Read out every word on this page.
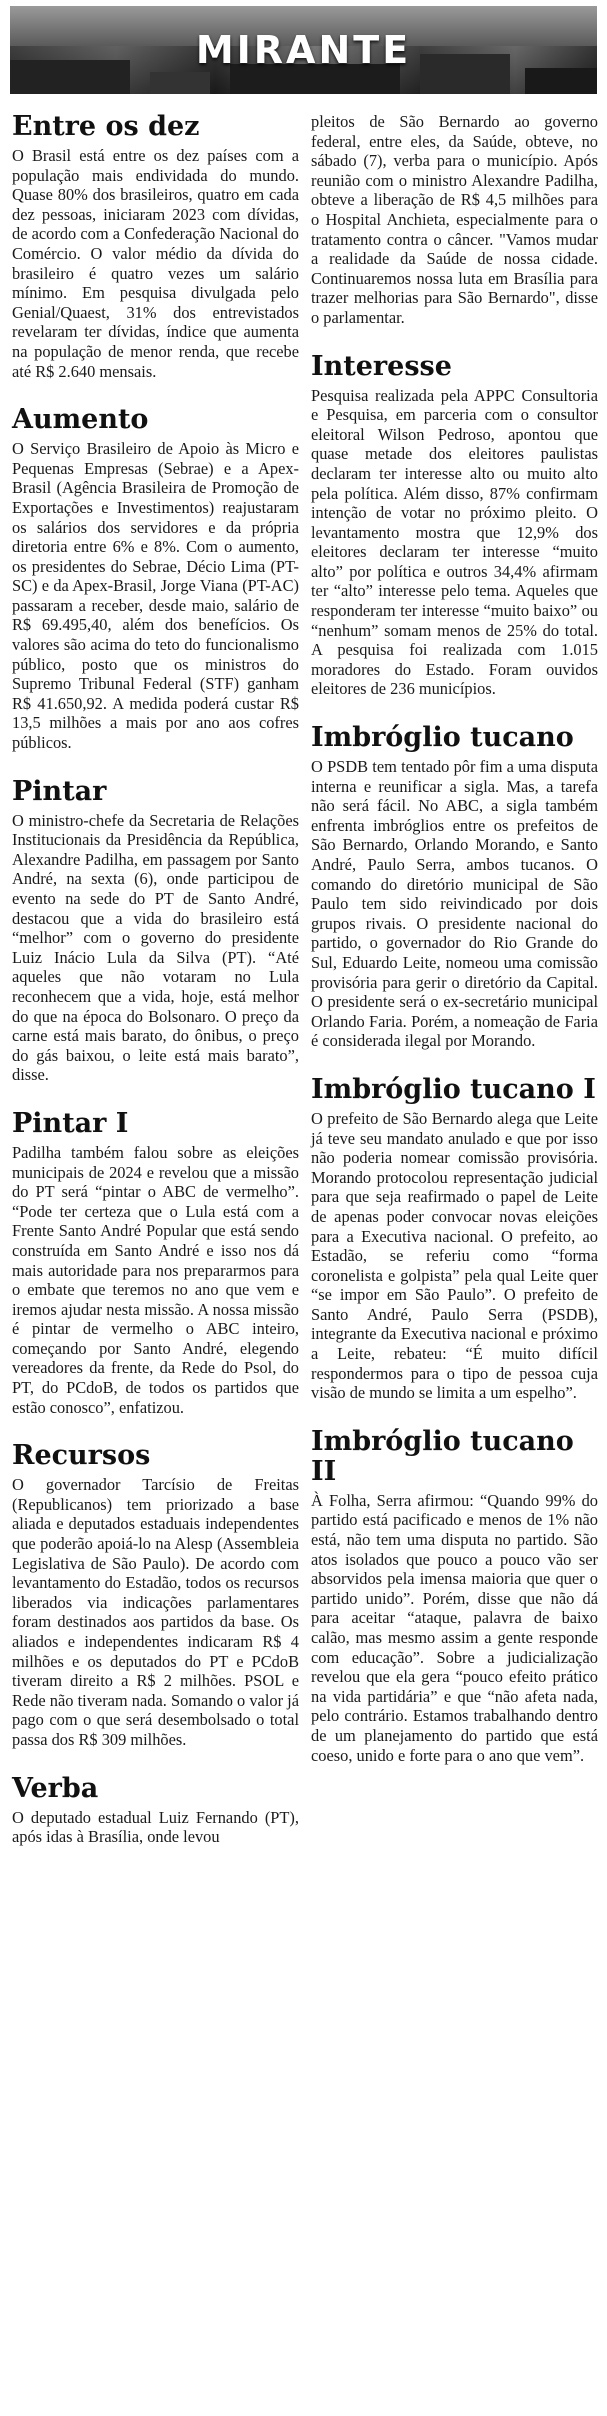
MIRANTE
Entre os dez

O Brasil está entre os dez países com a população mais endividada do mundo. Quase 80% dos brasileiros, quatro em cada dez pessoas, iniciaram 2023 com dívidas, de acordo com a Confederação Nacional do Comércio. O valor médio da dívida do brasileiro é quatro vezes um salário mínimo. Em pesquisa divulgada pelo Genial/Quaest, 31% dos entrevistados revelaram ter dívidas, índice que aumenta na população de menor renda, que recebe até R$ 2.640 mensais.

Aumento

O Serviço Brasileiro de Apoio às Micro e Pequenas Empresas (Sebrae) e a Apex-Brasil (Agência Brasileira de Promoção de Exportações e Investimentos) reajustaram os salários dos servidores e da própria diretoria entre 6% e 8%. Com o aumento, os presidentes do Sebrae, Décio Lima (PT-SC) e da Apex-Brasil, Jorge Viana (PT-AC) passaram a receber, desde maio, salário de R$ 69.495,40, além dos benefícios. Os valores são acima do teto do funcionalismo público, posto que os ministros do Supremo Tribunal Federal (STF) ganham R$ 41.650,92. A medida poderá custar R$ 13,5 milhões a mais por ano aos cofres públicos.

Pintar

O ministro-chefe da Secretaria de Relações Institucionais da Presidência da República, Alexandre Padilha, em passagem por Santo André, na sexta (6), onde participou de evento na sede do PT de Santo André, destacou que a vida do brasileiro está “melhor” com o governo do presidente Luiz Inácio Lula da Silva (PT). “Até aqueles que não votaram no Lula reconhecem que a vida, hoje, está melhor do que na época do Bolsonaro. O preço da carne está mais barato, do ônibus, o preço do gás baixou, o leite está mais barato”, disse.

Pintar I

Padilha também falou sobre as eleições municipais de 2024 e revelou que a missão do PT será “pintar o ABC de vermelho”. “Pode ter certeza que o Lula está com a Frente Santo André Popular que está sendo construída em Santo André e isso nos dá mais autoridade para nos prepararmos para o embate que teremos no ano que vem e iremos ajudar nesta missão. A nossa missão é pintar de vermelho o ABC inteiro, começando por Santo André, elegendo vereadores da frente, da Rede do Psol, do PT, do PCdoB, de todos os partidos que estão conosco”, enfatizou.

Recursos

O governador Tarcísio de Freitas (Republicanos) tem priorizado a base aliada e deputados estaduais independentes que poderão apoiá-lo na Alesp (Assembleia Legislativa de São Paulo). De acordo com levantamento do Estadão, todos os recursos liberados via indicações parlamentares foram destinados aos partidos da base. Os aliados e independentes indicaram R$ 4 milhões e os deputados do PT e PCdoB tiveram direito a R$ 2 milhões. PSOL e Rede não tiveram nada. Somando o valor já pago com o que será desembolsado o total passa dos R$ 309 milhões.

Verba

O deputado estadual Luiz Fernando (PT), após idas à Brasília, onde levou

pleitos de São Bernardo ao governo federal, entre eles, da Saúde, obteve, no sábado (7), verba para o município. Após reunião com o ministro Alexandre Padilha, obteve a liberação de R$ 4,5 milhões para o Hospital Anchieta, especialmente para o tratamento contra o câncer. "Vamos mudar a realidade da Saúde de nossa cidade. Continuaremos nossa luta em Brasília para trazer melhorias para São Bernardo", disse o parlamentar.

Interesse

Pesquisa realizada pela APPC Consultoria e Pesquisa, em parceria com o consultor eleitoral Wilson Pedroso, apontou que quase metade dos eleitores paulistas declaram ter interesse alto ou muito alto pela política. Além disso, 87% confirmam intenção de votar no próximo pleito. O levantamento mostra que 12,9% dos eleitores declaram ter interesse “muito alto” por política e outros 34,4% afirmam ter “alto” interesse pelo tema. Aqueles que responderam ter interesse “muito baixo” ou “nenhum” somam menos de 25% do total. A pesquisa foi realizada com 1.015 moradores do Estado. Foram ouvidos eleitores de 236 municípios.

Imbróglio tucano

O PSDB tem tentado pôr fim a uma disputa interna e reunificar a sigla. Mas, a tarefa não será fácil. No ABC, a sigla também enfrenta imbróglios entre os prefeitos de São Bernardo, Orlando Morando, e Santo André, Paulo Serra, ambos tucanos. O comando do diretório municipal de São Paulo tem sido reivindicado por dois grupos rivais. O presidente nacional do partido, o governador do Rio Grande do Sul, Eduardo Leite, nomeou uma comissão provisória para gerir o diretório da Capital. O presidente será o ex-secretário municipal Orlando Faria. Porém, a nomeação de Faria é considerada ilegal por Morando.

Imbróglio tucano I

O prefeito de São Bernardo alega que Leite já teve seu mandato anulado e que por isso não poderia nomear comissão provisória. Morando protocolou representação judicial para que seja reafirmado o papel de Leite de apenas poder convocar novas eleições para a Executiva nacional. O prefeito, ao Estadão, se referiu como “forma coronelista e golpista” pela qual Leite quer “se impor em São Paulo”. O prefeito de Santo André, Paulo Serra (PSDB), integrante da Executiva nacional e próximo a Leite, rebateu: “É muito difícil respondermos para o tipo de pessoa cuja visão de mundo se limita a um espelho”.

Imbróglio tucano II

À Folha, Serra afirmou: “Quando 99% do partido está pacificado e menos de 1% não está, não tem uma disputa no partido. São atos isolados que pouco a pouco vão ser absorvidos pela imensa maioria que quer o partido unido”. Porém, disse que não dá para aceitar “ataque, palavra de baixo calão, mas mesmo assim a gente responde com educação”. Sobre a judicialização revelou que ela gera “pouco efeito prático na vida partidária” e que “não afeta nada, pelo contrário. Estamos trabalhando dentro de um planejamento do partido que está coeso, unido e forte para o ano que vem”.
